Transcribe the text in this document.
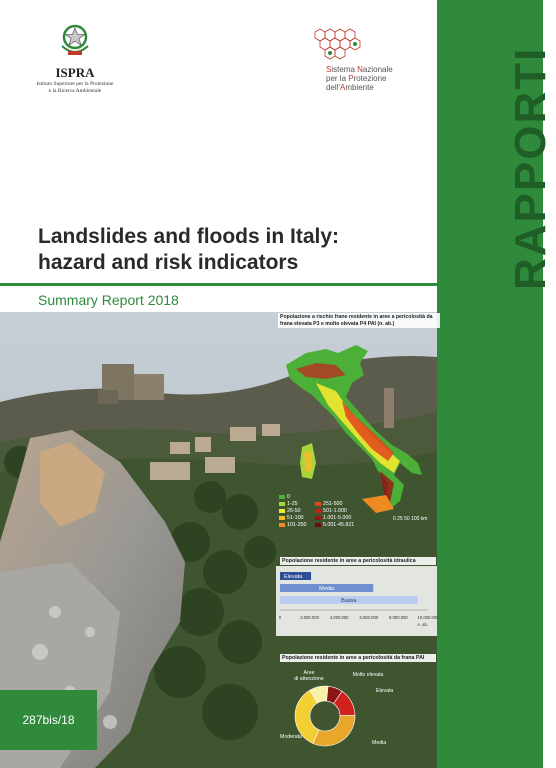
ISPRA
Istituto Superiore per la Protezione
e la Ricerca Ambientale
Sistema Nazionale
per la Protezione
dell'Ambiente	RAPPORTI
Landslides and floods in Italy:
hazard and risk indicators
Summary Report 2018
Popolazione a rischio frane residente in aree a pericolosità da frana elevata P3 e molto elevata P4 PAI (n. ab.)
0
1-25
26-50
51-100
101-250
251-500
501-1.000
1.001-5.000
5.001-45.821
0 25 50 100 km
Popolazione residente in aree a pericolosità idraulica
Elevata
Media
Bassa
0	2.000.000	4.000.000	6.000.000	8.000.000 10.000.000
n. ab.
Popolazione residente in aree a pericolosità da frana PAI
Molto elevata
Elevata
Media
Moderata
Aree
di attenzione
287bis/18
